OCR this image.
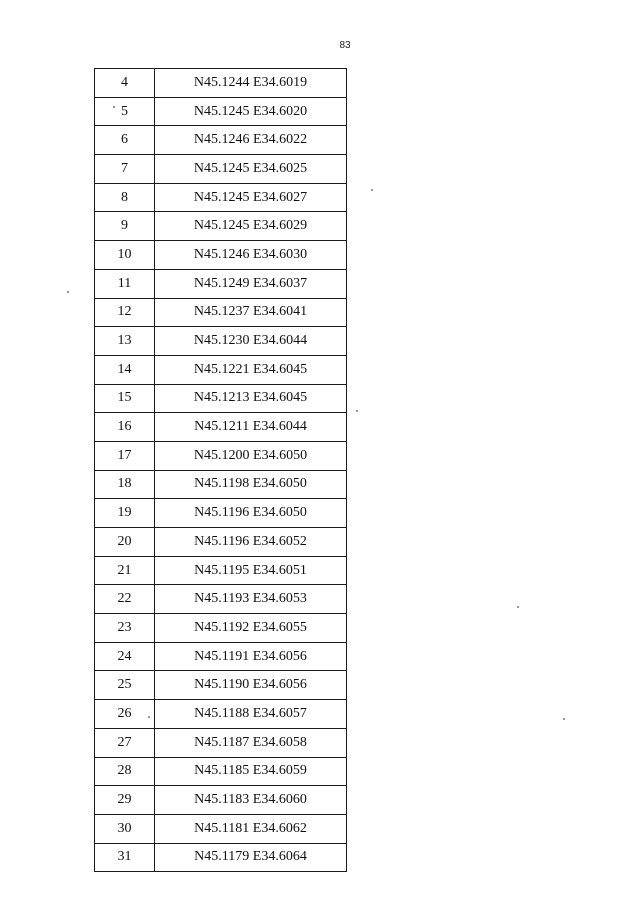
83
4	N45.1244 E34.6019
5	N45.1245 E34.6020
6	N45.1246 E34.6022
7	N45.1245 E34.6025
8	N45.1245 E34.6027
9	N45.1245 E34.6029
10	N45.1246 E34.6030
11	N45.1249 E34.6037
12	N45.1237 E34.6041
13	N45.1230 E34.6044
14	N45.1221 E34.6045
15	N45.1213 E34.6045
16	N45.1211 E34.6044
17	N45.1200 E34.6050
18	N45.1198 E34.6050
19	N45.1196 E34.6050
20	N45.1196 E34.6052
21	N45.1195 E34.6051
22	N45.1193 E34.6053
23	N45.1192 E34.6055
24	N45.1191 E34.6056
25	N45.1190 E34.6056
26	N45.1188 E34.6057
27	N45.1187 E34.6058
28	N45.1185 E34.6059
29	N45.1183 E34.6060
30	N45.1181 E34.6062
31	N45.1179 E34.6064
